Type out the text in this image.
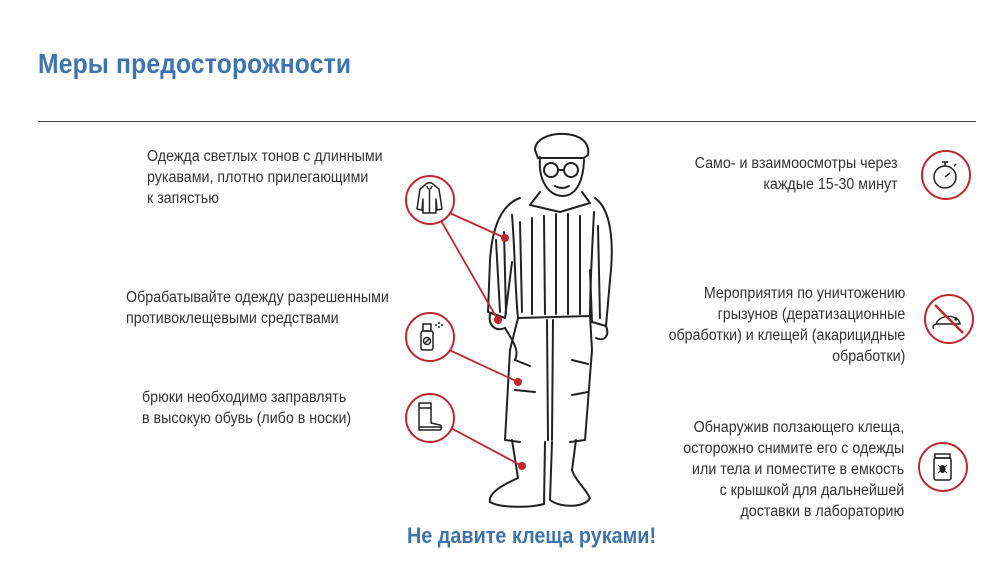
Меры предосторожности
Одежда светлых тонов с длинными
рукавами, плотно прилегающими
к запястью
Обрабатывайте одежду разрешенными
противоклещевыми средствами
брюки необходимо заправлять
в высокую обувь (либо в носки)
Само- и взаимоосмотры через
каждые 15-30 минут
Мероприятия по уничтожению
грызунов (дератизационные
обработки) и клещей (акарицидные
обработки)
Обнаружив ползающего клеща,
осторожно снимите его с одежды
или тела и поместите в емкость
с крышкой для дальнейшей
доставки в лабораторию
Не давите клеща руками!
